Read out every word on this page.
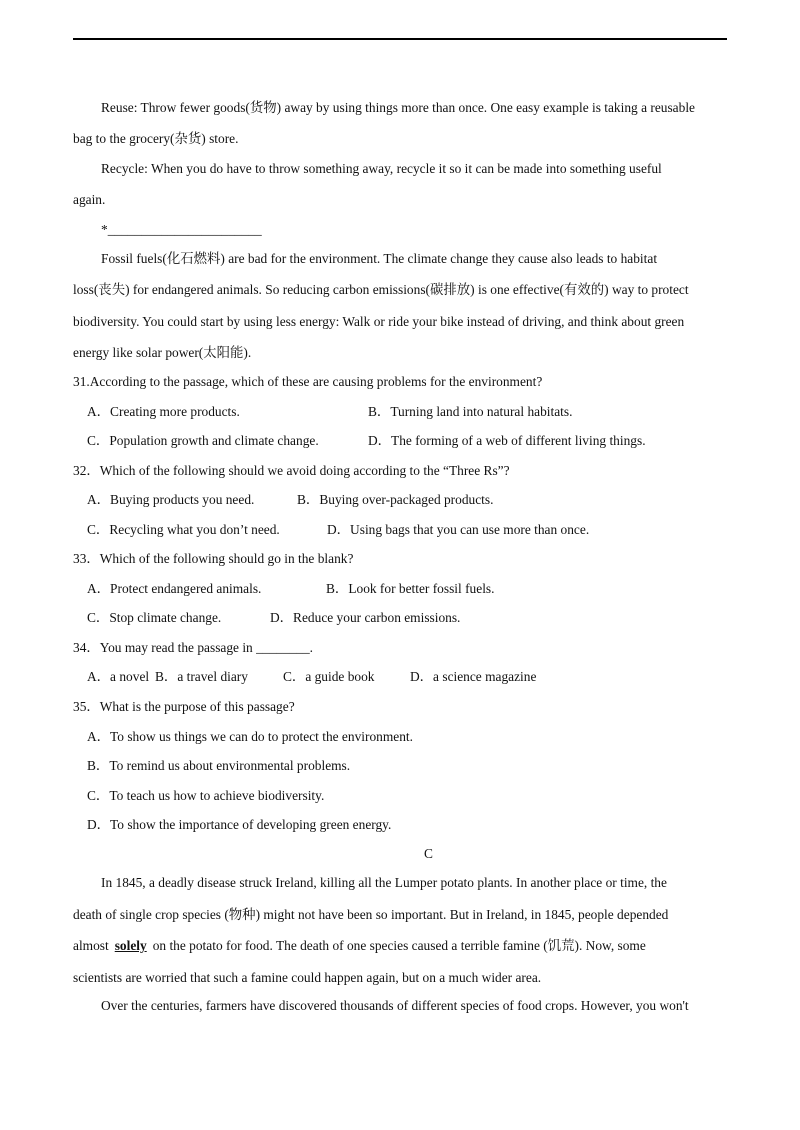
Reuse: Throw fewer goods(货物) away by using things more than once. One easy example is taking a reusable
bag to the grocery(杂货) store.
Recycle: When you do have to throw something away, recycle it so it can be made into something useful
again.
*_______________________
Fossil fuels(化石燃料) are bad for the environment. The climate change they cause also leads to habitat
loss(丧失) for endangered animals. So reducing carbon emissions(碳排放) is one effective(有效的) way to protect
biodiversity. You could start by using less energy: Walk or ride your bike instead of driving, and think about green
energy like solar power(太阳能).
31.According to the passage, which of these are causing problems for the environment?
A．Creating more products.	B．Turning land into natural habitats.
C．Population growth and climate change.	D．The forming of a web of different living things.
32．Which of the following should we avoid doing according to the “Three Rs”?
A．Buying products you need.	B．Buying over-packaged products.
C．Recycling what you don’t need.	D．Using bags that you can use more than once.
33．Which of the following should go in the blank?
A．Protect endangered animals.	B．Look for better fossil fuels.
C．Stop climate change.	D．Reduce your carbon emissions.
34．You may read the passage in ________.
A．a novel B．a travel diary	C．a guide book	D．a science magazine
35．What is the purpose of this passage?
A．To show us things we can do to protect the environment.
B．To remind us about environmental problems.
C．To teach us how to achieve biodiversity.
D．To show the importance of developing green energy.
C
In 1845, a deadly disease struck Ireland, killing all the Lumper potato plants. In another place or time, the
death of single crop species (物种) might not have been so important. But in Ireland, in 1845, people depended
almost solely on the potato for food. The death of one species caused a terrible famine (饥荒). Now, some
scientists are worried that such a famine could happen again, but on a much wider area.
Over the centuries, farmers have discovered thousands of different species of food crops. However, you won't
